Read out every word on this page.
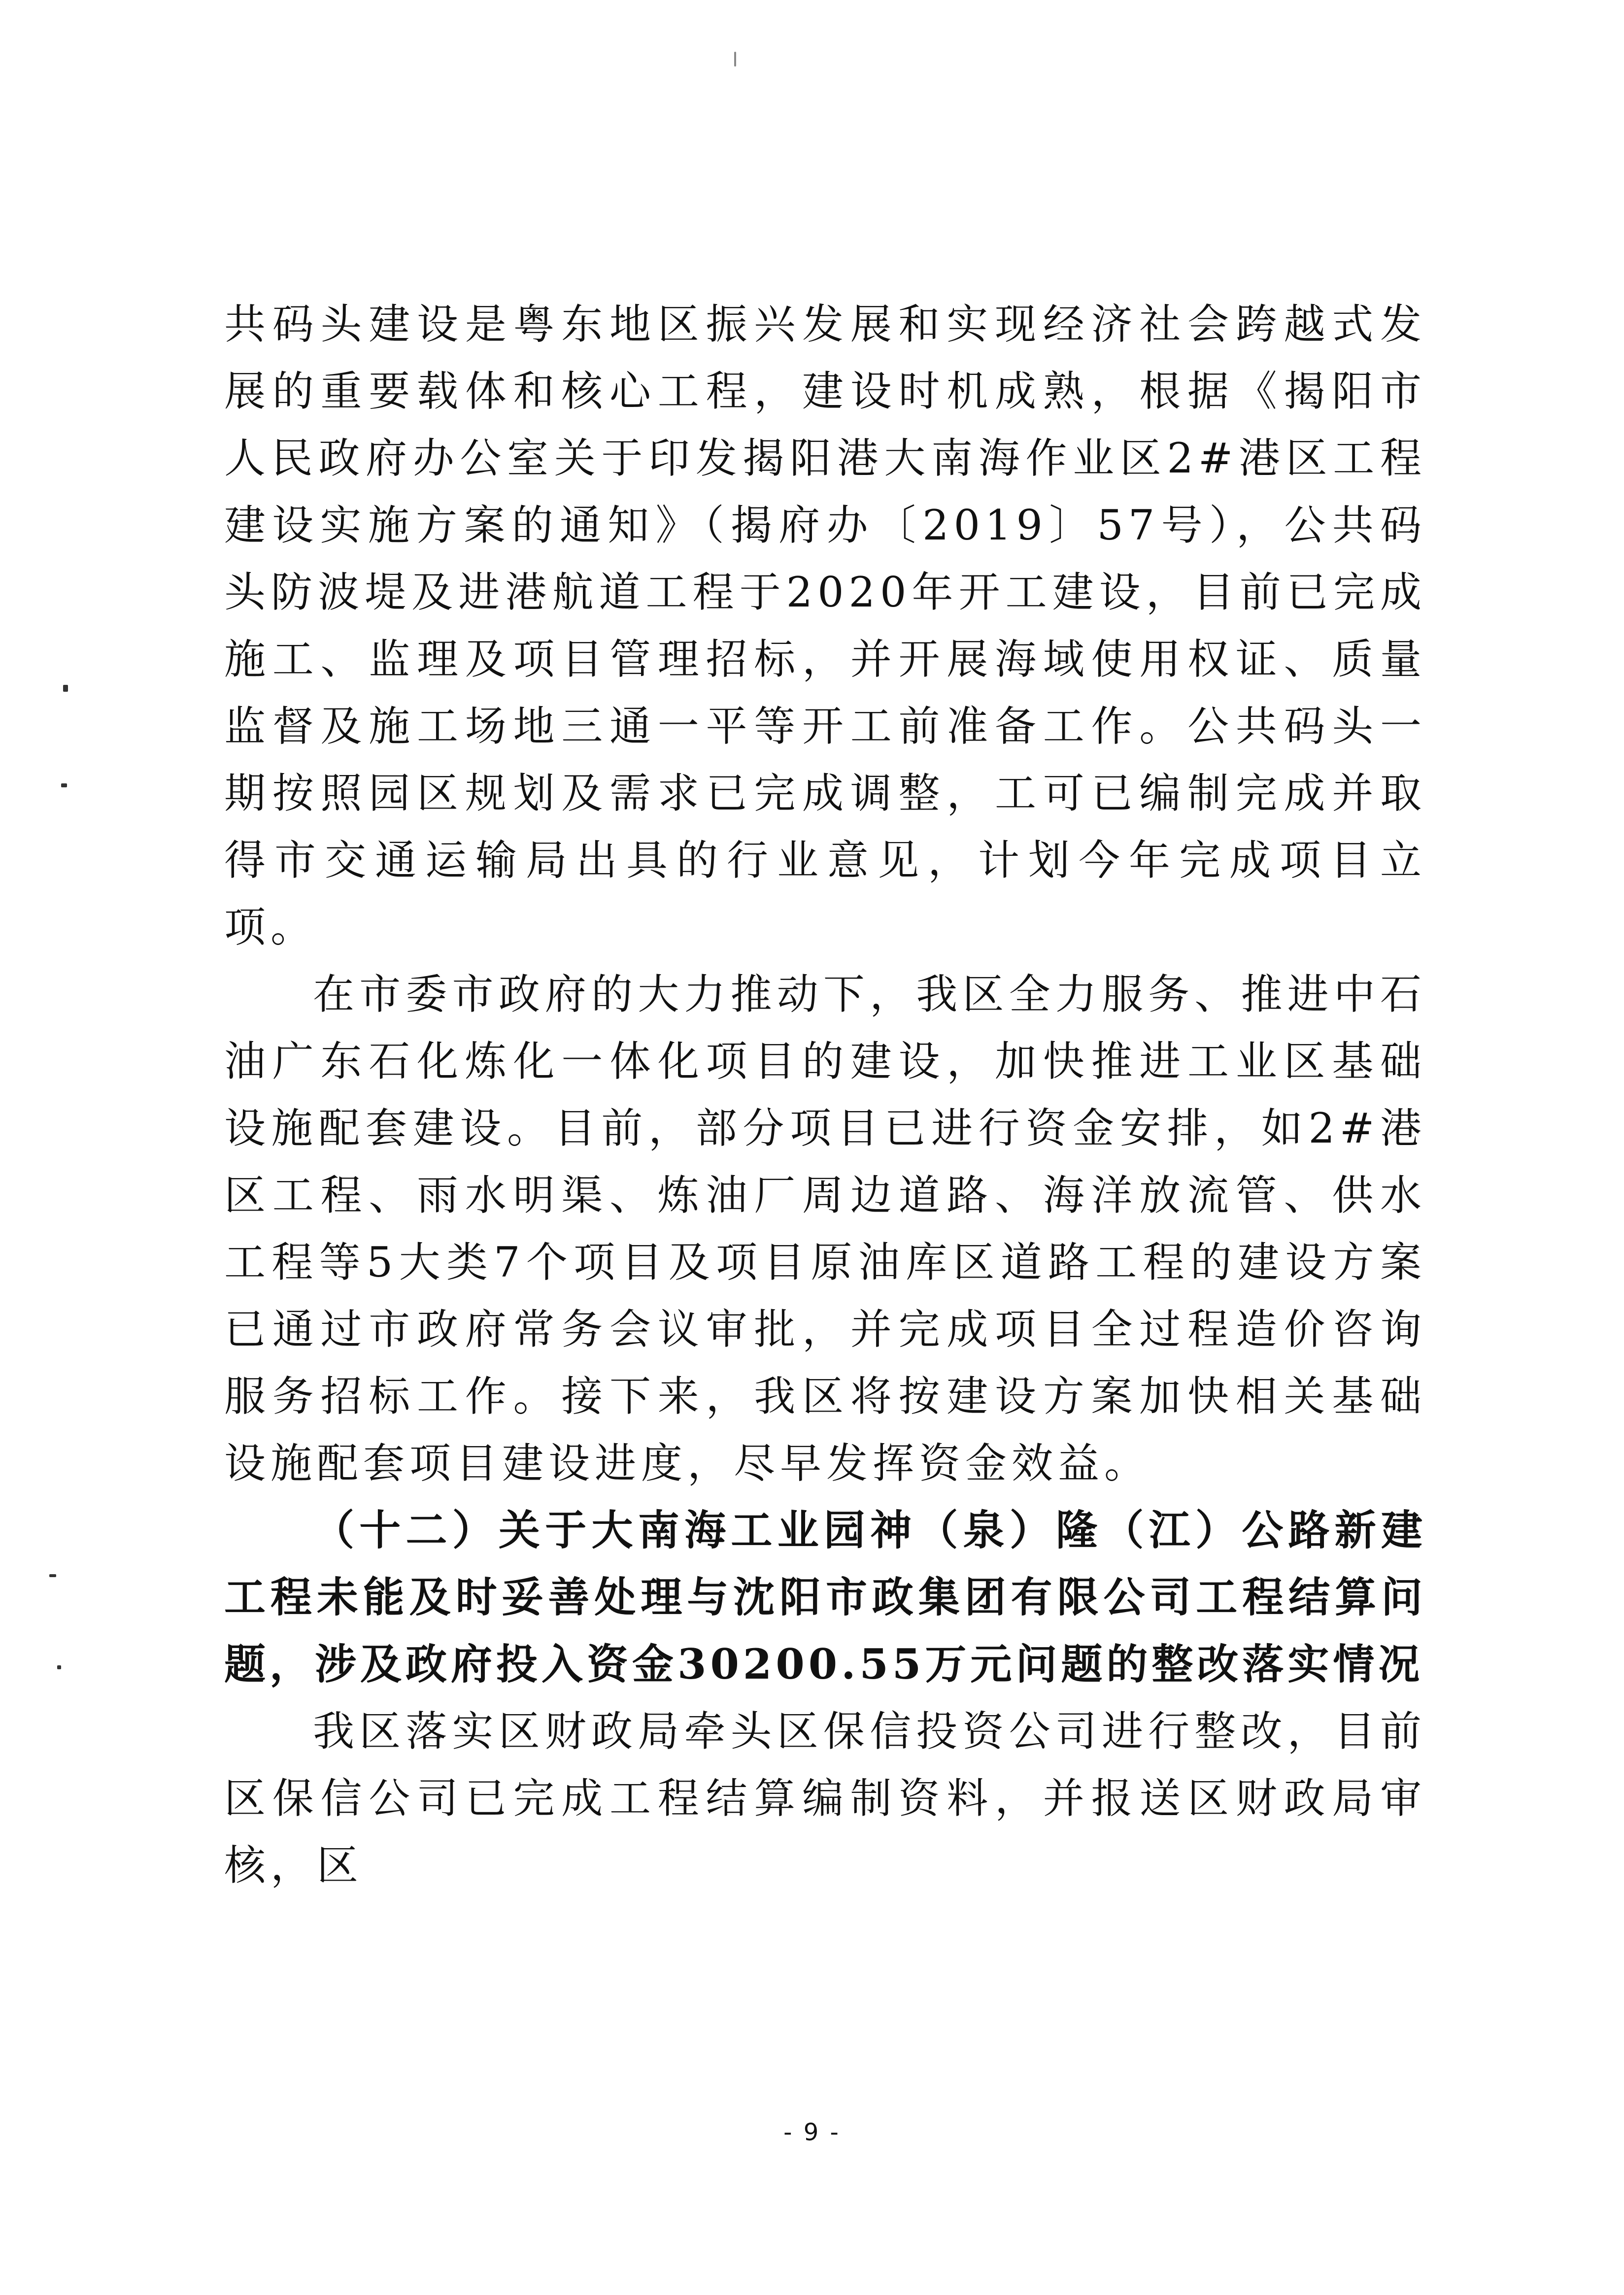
共码头建设是粤东地区振兴发展和实现经济社会跨越式发展的重要载体和核心工程，建设时机成熟，根据《揭阳市人民政府办公室关于印发揭阳港大南海作业区2#港区工程建设实施方案的通知》（揭府办〔2019〕57号），公共码头防波堤及进港航道工程于2020年开工建设，目前已完成施工、监理及项目管理招标，并开展海域使用权证、质量监督及施工场地三通一平等开工前准备工作。公共码头一期按照园区规划及需求已完成调整，工可已编制完成并取得市交通运输局出具的行业意见，计划今年完成项目立项。

在市委市政府的大力推动下，我区全力服务、推进中石油广东石化炼化一体化项目的建设，加快推进工业区基础设施配套建设。目前，部分项目已进行资金安排，如2#港区工程、雨水明渠、炼油厂周边道路、海洋放流管、供水工程等5大类7个项目及项目原油库区道路工程的建设方案已通过市政府常务会议审批，并完成项目全过程造价咨询服务招标工作。接下来，我区将按建设方案加快相关基础设施配套项目建设进度，尽早发挥资金效益。

（十二）关于大南海工业园神（泉）隆（江）公路新建工程未能及时妥善处理与沈阳市政集团有限公司工程结算问题，涉及政府投入资金30200.55万元问题的整改落实情况

我区落实区财政局牵头区保信投资公司进行整改，目前区保信公司已完成工程结算编制资料，并报送区财政局审核，区

- 9 -
